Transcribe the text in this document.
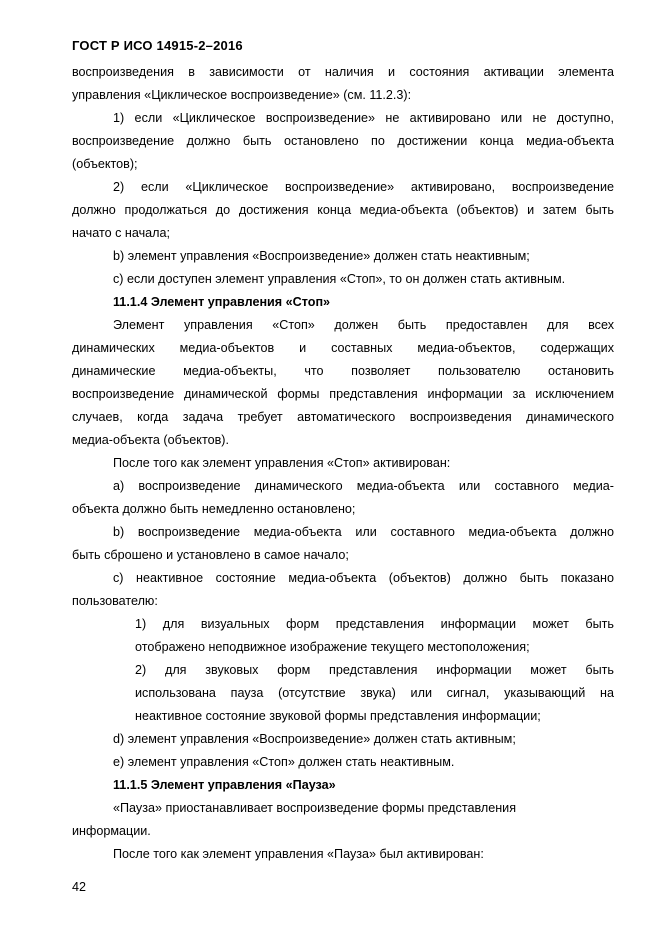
ГОСТ Р ИСО 14915-2–2016
воспроизведения в зависимости от наличия и состояния активации элемента
управления «Циклическое воспроизведение» (см. 11.2.3):
1) если «Циклическое воспроизведение» не активировано или не доступно,
воспроизведение должно быть остановлено по достижении конца медиа-объекта
(объектов);
2) если «Циклическое воспроизведение» активировано, воспроизведение
должно продолжаться до достижения конца медиа-объекта (объектов) и затем быть
начато с начала;
b) элемент управления «Воспроизведение» должен стать неактивным;
c) если доступен элемент управления «Стоп», то он должен стать активным.
11.1.4 Элемент управления «Стоп»
Элемент управления «Стоп» должен быть предоставлен для всех
динамических медиа-объектов и составных медиа-объектов, содержащих
динамические медиа-объекты, что позволяет пользователю остановить
воспроизведение динамической формы представления информации за исключением
случаев, когда задача требует автоматического воспроизведения динамического
медиа-объекта (объектов).
После того как элемент управления «Стоп» активирован:
a) воспроизведение динамического медиа-объекта или составного медиа-
объекта должно быть немедленно остановлено;
b) воспроизведение медиа-объекта или составного медиа-объекта должно
быть сброшено и установлено в самое начало;
c) неактивное состояние медиа-объекта (объектов) должно быть показано
пользователю:
1) для визуальных форм представления информации может быть
отображено неподвижное изображение текущего местоположения;
2) для звуковых форм представления информации может быть
использована пауза (отсутствие звука) или сигнал, указывающий на
неактивное состояние звуковой формы представления информации;
d) элемент управления «Воспроизведение» должен стать активным;
e) элемент управления «Стоп» должен стать неактивным.
11.1.5 Элемент управления «Пауза»
«Пауза» приостанавливает воспроизведение формы представления
информации.
После того как элемент управления «Пауза» был активирован:
42
